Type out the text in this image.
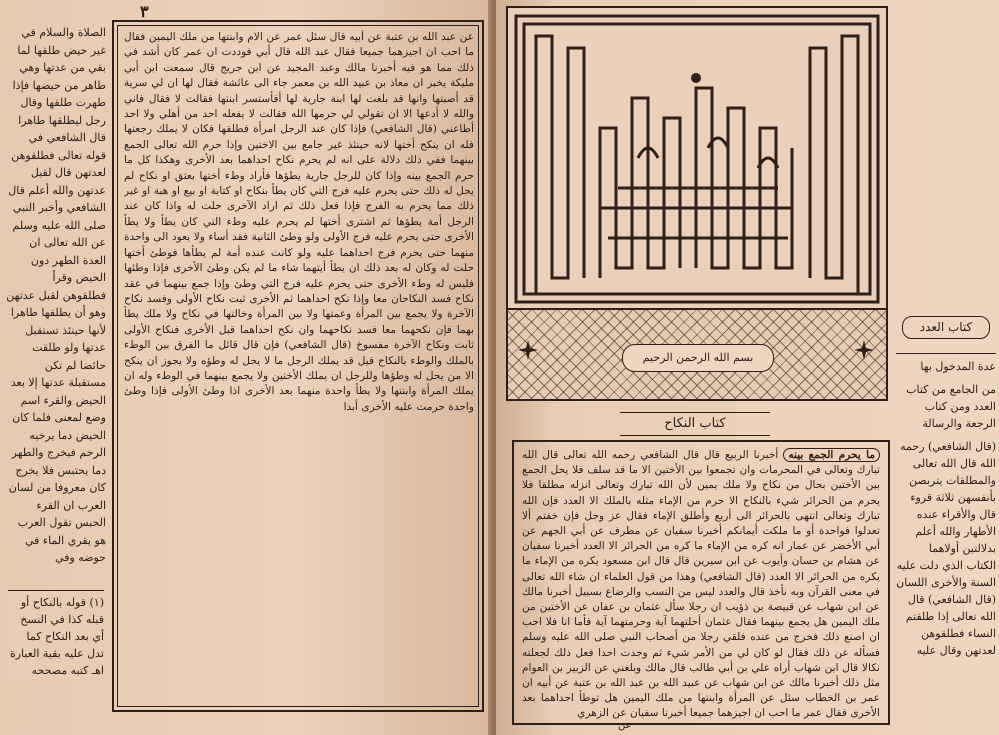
الصلاة والسلام في غير حيض طلقها لما بقي من عدتها وهي طاهر من حيضها فإذا طهرت طلقها وقال رجل ليطلقها طاهرا قال الشافعي في قوله تعالى فطلقوهن لعدتهن قال لقبل عدتهن والله أعلم قال الشافعي وأخبر النبي صلى الله عليه وسلم عن الله تعالى ان العدة الطهر دون الحيض وقرأ فطلقوهن لقبل عدتهن وهو أن يطلقها طاهرا لأنها حينئذ تستقبل عدتها ولو طلقت حائضا لم تكن مستقبلة عدتها إلا بعد الحيض والقرء اسم وضع لمعنى فلما كان الحيض دما يرخيه الرحم فيخرج والطهر دما يحتبس فلا يخرج كان معروفا من لسان العرب ان القرء الحبس تقول العرب هو يقري الماء في حوضه وفي
(١) قوله بالنكاح أو قبله كذا في النسخ أي بعد النكاح كما تدل عليه بقية العبارة اهـ كتبه مصححه
عن عبد الله بن عتبة عن أبيه قال سئل عمر عن الام وابنتها من ملك اليمين فقال ما احب ان اجيزهما جميعا فقال عبد الله قال أبي فوددت ان عمر كان أشد في ذلك مما هو فيه أخبرنا مالك وعبد المجيد عن ابن جريج قال سمعت ابن أبي مليكة يخبر ان معاذ بن عبيد الله بن معمر جاء الى عائشة فقال لها ان لي سرية قد أصبتها وانها قد بلغت لها ابنة جارية لها أفأستسر ابنتها فقالت لا فقال فاني والله لا أدعها الا ان تقولي لي حرمها الله فقالت لا يفعله احد من أهلي ولا احد أطاعني (قال الشافعي) فإذا كان عند الرجل امرأة فطلقها فكان لا يملك رجعتها فله ان ينكح أختها لانه حينئذ غير جامع بين الاختين وإذا حرم الله تعالى الجمع بينهما ففي ذلك دلالة على انه لم يحرم نكاح احداهما بعد الأخرى وهكذا كل ما حرم الجمع بينه وإذا كان للرجل جارية يطؤها فأراد وطء أختها بعتق او نكاح لم يحل له ذلك حتى يحرم عليه فرج التي كان يطأ بنكاح او كتابة او بيع او هبة او غير ذلك مما يحرم به الفرج فإذا فعل ذلك ثم اراد الآخرى حلت له واذا كان عند الرجل أمة يطؤها ثم اشترى أختها لم يحرم عليه وطء التي كان يطأ ولا يطأ الأخرى حتى يحرم عليه فرج الأولى ولو وطئ الثانية فقد أساء ولا يعود الى واحدة منهما حتى يحرم فرج احداهما عليه ولو كانت عنده أمة لم يطأها فوطئ أختها حلت له وكان له بعد ذلك ان يطأ أيتهما شاء ما لم يكن وطئ الأخرى فإذا وطئها فليس له وطء الأخرى حتى يحرم عليه فرج التي وطئ وإذا جمع بينهما في عقد نكاح فسد النكاحان معا وإذا نكح احداهما ثم الأخرى ثبت نكاح الأولى وفسد نكاح الآخرة ولا يجمع بين المرأة وعمتها ولا بين المرأة وخالتها في نكاح ولا ملك يطأ بهما فإن نكحهما معا فسد نكاحهما وان نكح احداهما قبل الأخرى فنكاح الأولى ثابت ونكاح الآخرة مفسوخ (قال الشافعي) فإن قال قائل ما الفرق بين الوطء بالملك والوطء بالنكاح قيل قد يملك الرجل ما لا يحل له وطؤه ولا يجوز ان ينكح الا من يحل له وطؤها وللرجل ان يملك الأختين ولا يجمع بينهما في الوطء وله ان يملك المرأة وابنتها ولا يطأ واحدة منهما بعد الأخرى اذا وطئ الأولى فإذا وطئ واحدة حرمت عليه الأخرى أبدا
٣
بسم الله الرحمن الرحيم
كتاب النكاح
ما يحرم الجمع بينه أخبرنا الربيع قال قال الشافعي رحمه الله تعالى قال الله تبارك وتعالى في المحرمات وان تجمعوا بين الأختين الا ما قد سلف فلا يحل الجمع بين الأختين بحال من نكاح ولا ملك يمين لأن الله تبارك وتعالى انزله مطلقا فلا يحرم من الحرائر شيء بالنكاح الا حرم من الإماء مثله بالملك الا العدد فإن الله تبارك وتعالى انتهى بالحرائر الى أربع وأطلق الإماء فقال عز وجل فإن خفتم ألا تعدلوا فواحدة أو ما ملكت أيمانكم أخبرنا سفيان عن مطرف عن أبي الجهم عن أبي الأخضر عن عمار انه كره من الإماء ما كره من الحرائر الا العدد أخبرنا سفيان عن هشام بن حسان وأيوب عن ابن سيرين قال قال ابن مسعود يكره من الإماء ما يكره من الحرائر الا العدد (قال الشافعي) وهذا من قول العلماء ان شاء الله تعالى في معنى القرآن وبه نأخذ قال والعدد ليس من النسب والرضاع بسبيل أخبرنا مالك عن ابن شهاب عن قبيصة بن ذؤيب ان رجلا سأل عثمان بن عفان عن الأختين من ملك اليمين هل يجمع بينهما فقال عثمان أحلتهما آية وحرمتهما آية فأما انا فلا احب ان اصنع ذلك فخرج من عنده فلقي رجلا من أصحاب النبي صلى الله عليه وسلم فسأله عن ذلك فقال لو كان لي من الأمر شيء ثم وجدت احدا فعل ذلك لجعلته نكالا قال ابن شهاب أراه علي بن أبي طالب قال مالك وبلغني عن الزبير بن العوام مثل ذلك أخبرنا مالك عن ابن شهاب عن عبيد الله بن عبد الله بن عتبة عن أبيه ان عمر بن الخطاب سئل عن المرأة وابنتها من ملك اليمين هل توطأ احداهما بعد الأخرى فقال عمر ما احب ان اجيزهما جميعا أخبرنا سفيان عن الزهري
عن
كتاب العدد
عدة المدخول بها
من الجامع من كتاب العدد ومن كتاب الرجعة والرسالة
(قال الشافعي) رحمه الله قال الله تعالى والمطلقات يتربصن بأنفسهن ثلاثة قروء قال والأقراء عنده الأطهار والله أعلم بدلالتين أولاهما الكتاب الذي دلت عليه السنة والأخرى اللسان (قال الشافعي) قال الله تعالى إذا طلقتم النساء فطلقوهن لعدتهن وقال عليه
